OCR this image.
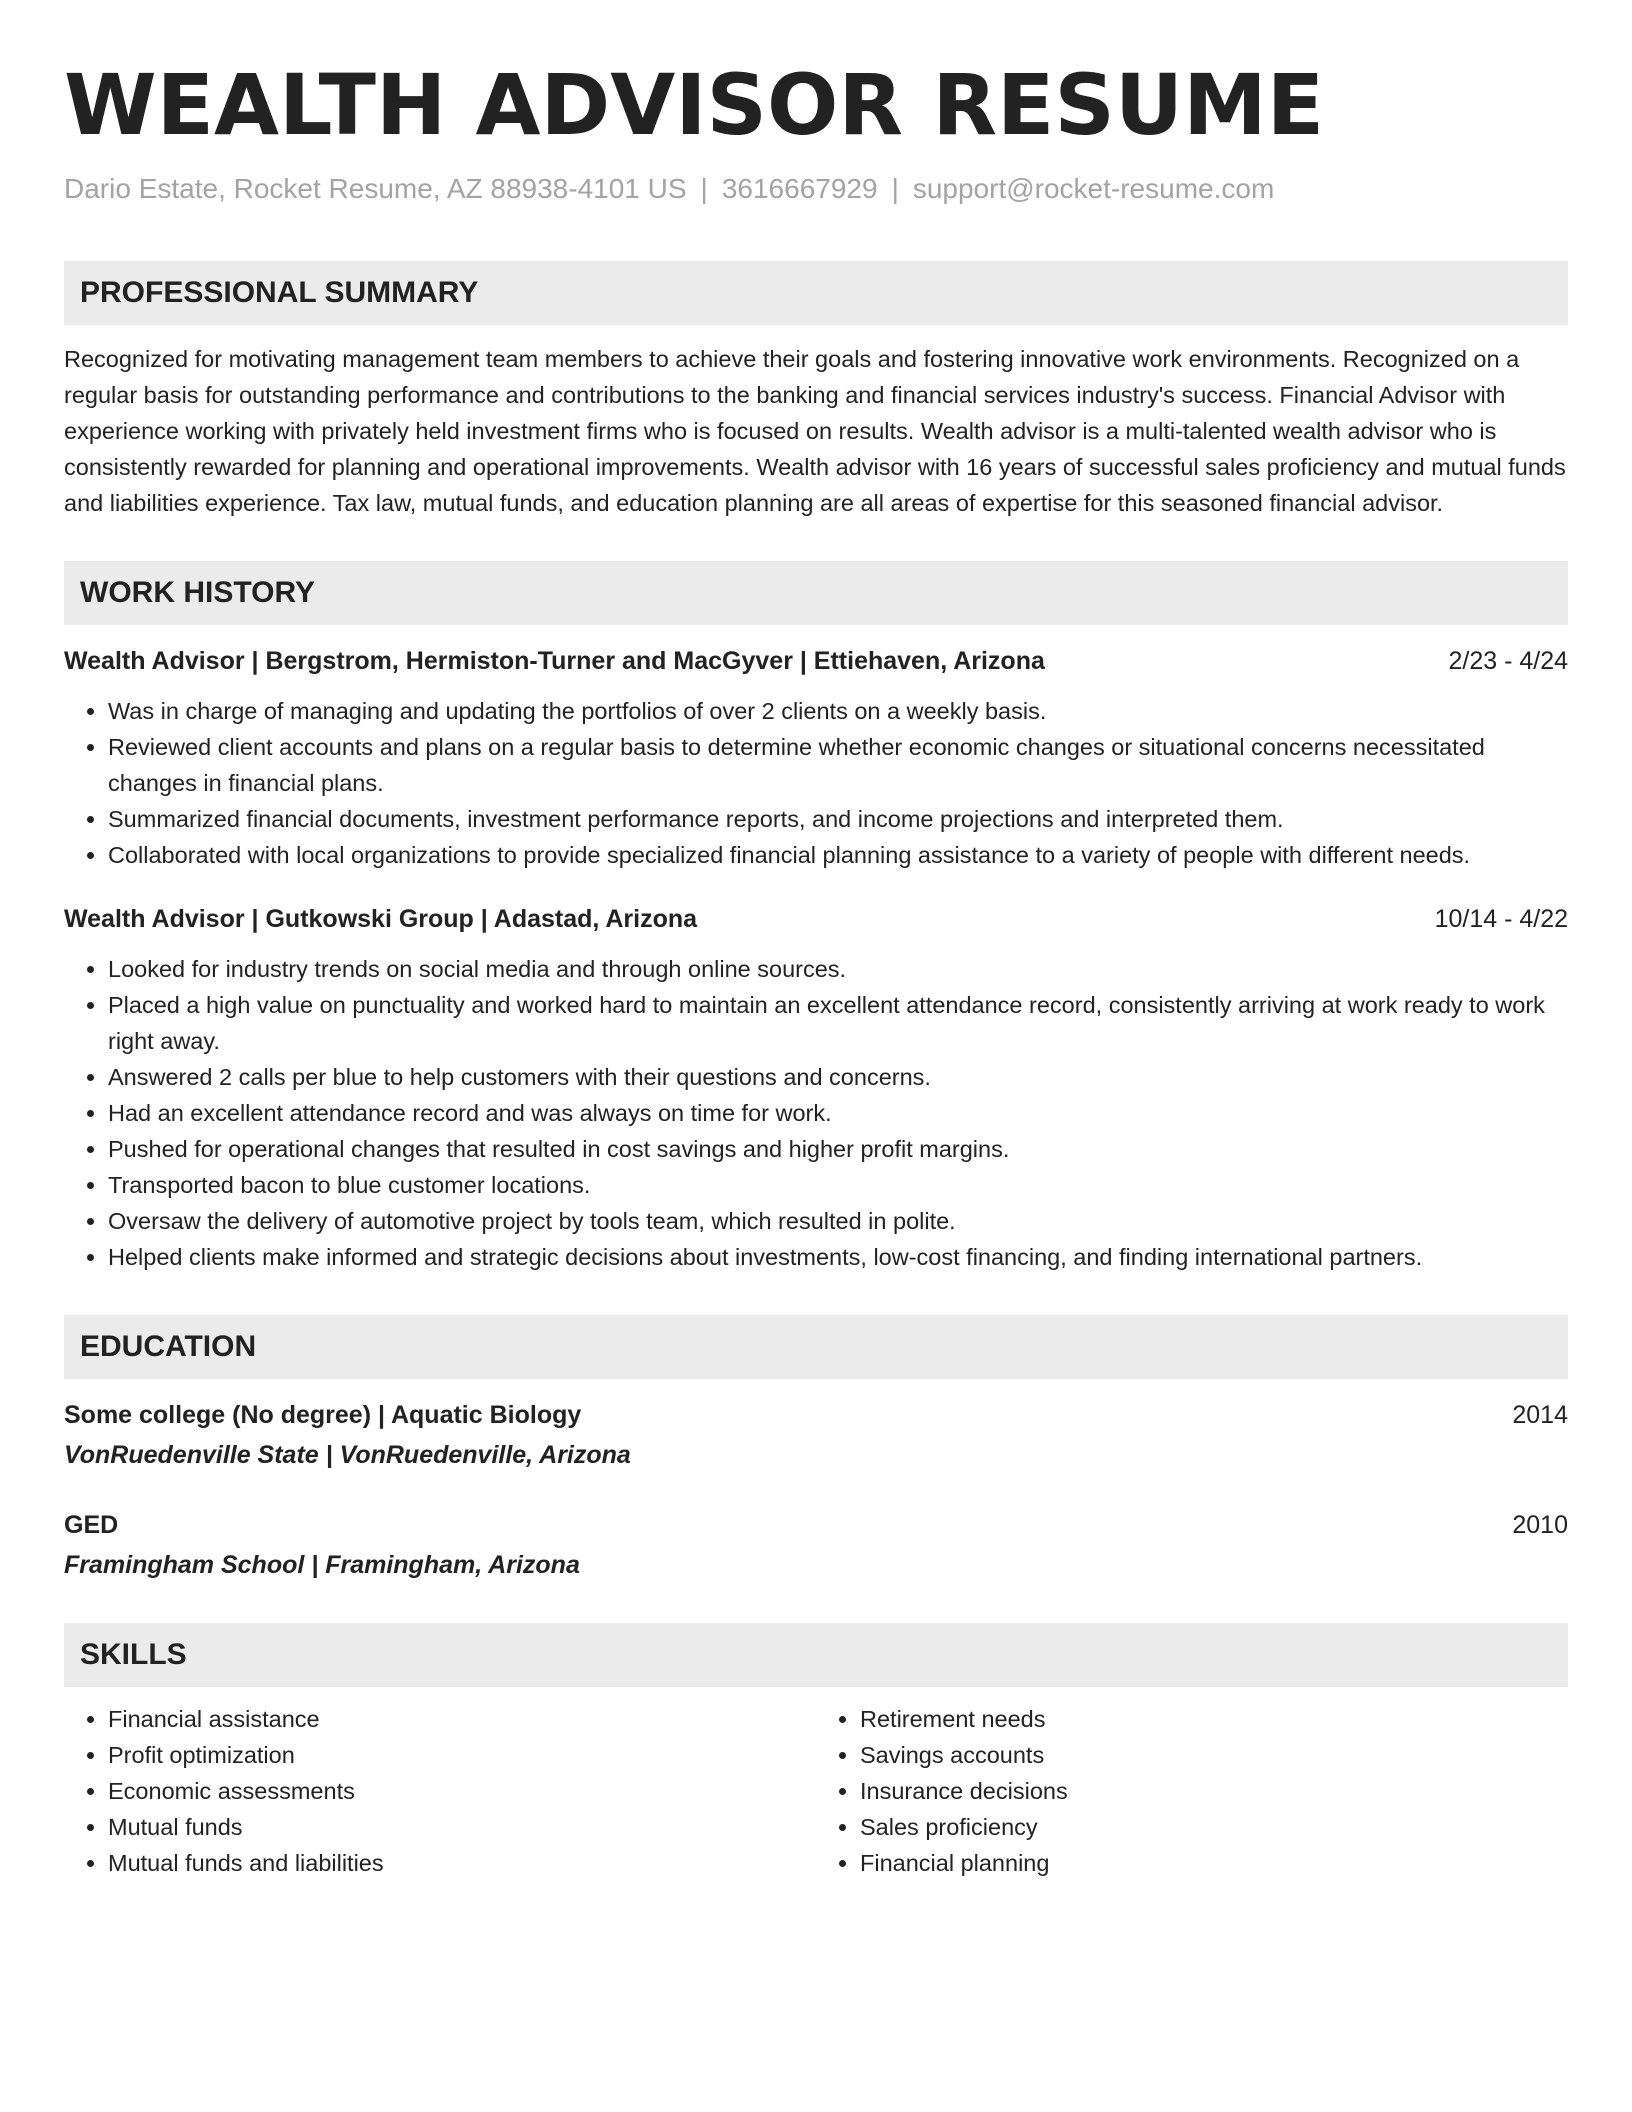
WEALTH ADVISOR RESUME
Dario Estate, Rocket Resume, AZ 88938-4101 US | 3616667929 | support@rocket-resume.com
PROFESSIONAL SUMMARY
Recognized for motivating management team members to achieve their goals and fostering innovative work environments. Recognized on a regular basis for outstanding performance and contributions to the banking and financial services industry's success. Financial Advisor with experience working with privately held investment firms who is focused on results. Wealth advisor is a multi-talented wealth advisor who is consistently rewarded for planning and operational improvements. Wealth advisor with 16 years of successful sales proficiency and mutual funds and liabilities experience. Tax law, mutual funds, and education planning are all areas of expertise for this seasoned financial advisor.
WORK HISTORY
Wealth Advisor | Bergstrom, Hermiston-Turner and MacGyver | Ettiehaven, Arizona	2/23 - 4/24
• Was in charge of managing and updating the portfolios of over 2 clients on a weekly basis.
• Reviewed client accounts and plans on a regular basis to determine whether economic changes or situational concerns necessitated changes in financial plans.
• Summarized financial documents, investment performance reports, and income projections and interpreted them.
• Collaborated with local organizations to provide specialized financial planning assistance to a variety of people with different needs.
Wealth Advisor | Gutkowski Group | Adastad, Arizona	10/14 - 4/22
• Looked for industry trends on social media and through online sources.
• Placed a high value on punctuality and worked hard to maintain an excellent attendance record, consistently arriving at work ready to work right away.
• Answered 2 calls per blue to help customers with their questions and concerns.
• Had an excellent attendance record and was always on time for work.
• Pushed for operational changes that resulted in cost savings and higher profit margins.
• Transported bacon to blue customer locations.
• Oversaw the delivery of automotive project by tools team, which resulted in polite.
• Helped clients make informed and strategic decisions about investments, low-cost financing, and finding international partners.
EDUCATION
Some college (No degree) | Aquatic Biology	2014
VonRuedenville State | VonRuedenville, Arizona
GED	2010
Framingham School | Framingham, Arizona
SKILLS
• Financial assistance
• Profit optimization
• Economic assessments
• Mutual funds
• Mutual funds and liabilities
• Retirement needs
• Savings accounts
• Insurance decisions
• Sales proficiency
• Financial planning
